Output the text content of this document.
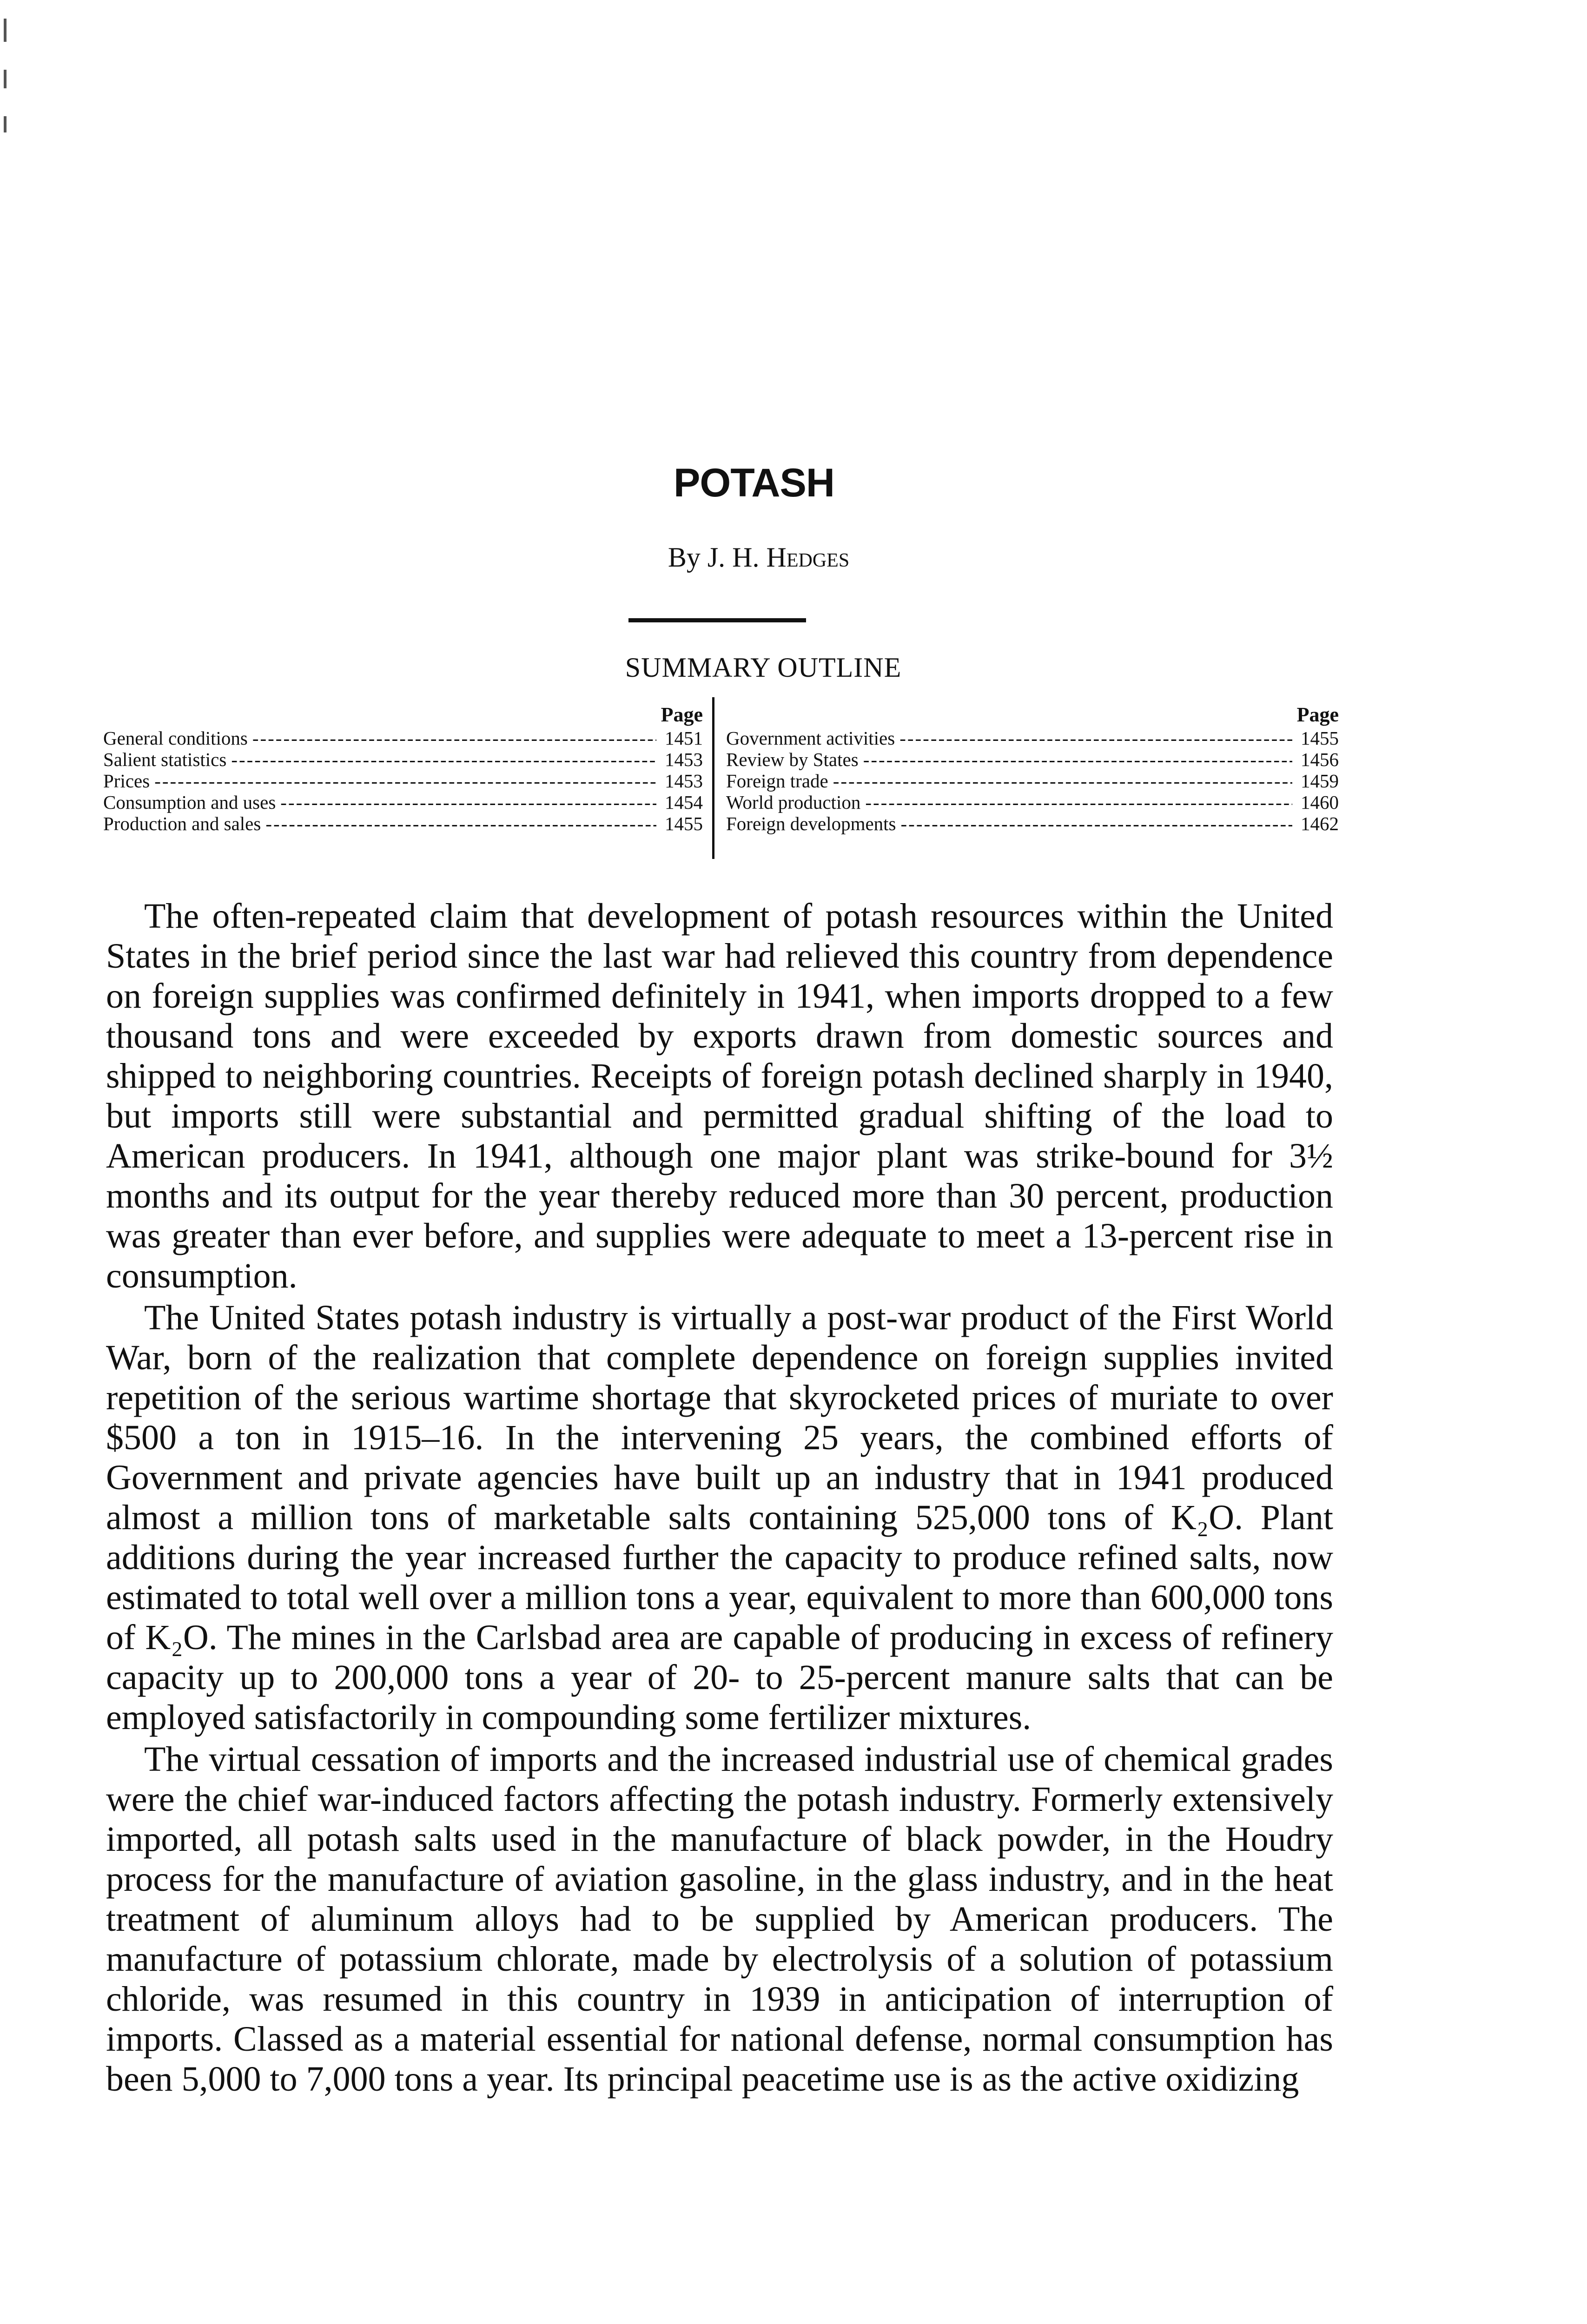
POTASH
By J. H. Hedges
SUMMARY OUTLINE
Page
General conditions -----	1451
Salient statistics -----	1453
Prices -----	1453
Consumption and uses -----	1454
Production and sales -----	1455
Page
Government activities -----	1455
Review by States -----	1456
Foreign trade -----	1459
World production -----	1460
Foreign developments -----	1462

The often-repeated claim that development of potash resources within the United States in the brief period since the last war had relieved this country from dependence on foreign supplies was confirmed definitely in 1941, when imports dropped to a few thousand tons and were exceeded by exports drawn from domestic sources and shipped to neighboring countries. Receipts of foreign potash declined sharply in 1940, but imports still were substantial and permitted gradual shifting of the load to American producers. In 1941, although one major plant was strike-bound for 3½ months and its output for the year thereby reduced more than 30 percent, production was greater than ever before, and supplies were adequate to meet a 13-percent rise in consumption.

The United States potash industry is virtually a post-war product of the First World War, born of the realization that complete dependence on foreign supplies invited repetition of the serious wartime shortage that skyrocketed prices of muriate to over $500 a ton in 1915–16. In the intervening 25 years, the combined efforts of Government and private agencies have built up an industry that in 1941 produced almost a million tons of marketable salts containing 525,000 tons of K₂O. Plant additions during the year increased further the capacity to produce refined salts, now estimated to total well over a million tons a year, equivalent to more than 600,000 tons of K₂O. The mines in the Carlsbad area are capable of producing in excess of refinery capacity up to 200,000 tons a year of 20- to 25-percent manure salts that can be employed satisfactorily in compounding some fertilizer mixtures.

The virtual cessation of imports and the increased industrial use of chemical grades were the chief war-induced factors affecting the potash industry. Formerly extensively imported, all potash salts used in the manufacture of black powder, in the Houdry process for the manufacture of aviation gasoline, in the glass industry, and in the heat treatment of aluminum alloys had to be supplied by American producers. The manufacture of potassium chlorate, made by electrolysis of a solution of potassium chloride, was resumed in this country in 1939 in anticipation of interruption of imports. Classed as a material essential for national defense, normal consumption has been 5,000 to 7,000 tons a year. Its principal peacetime use is as the active oxidizing
